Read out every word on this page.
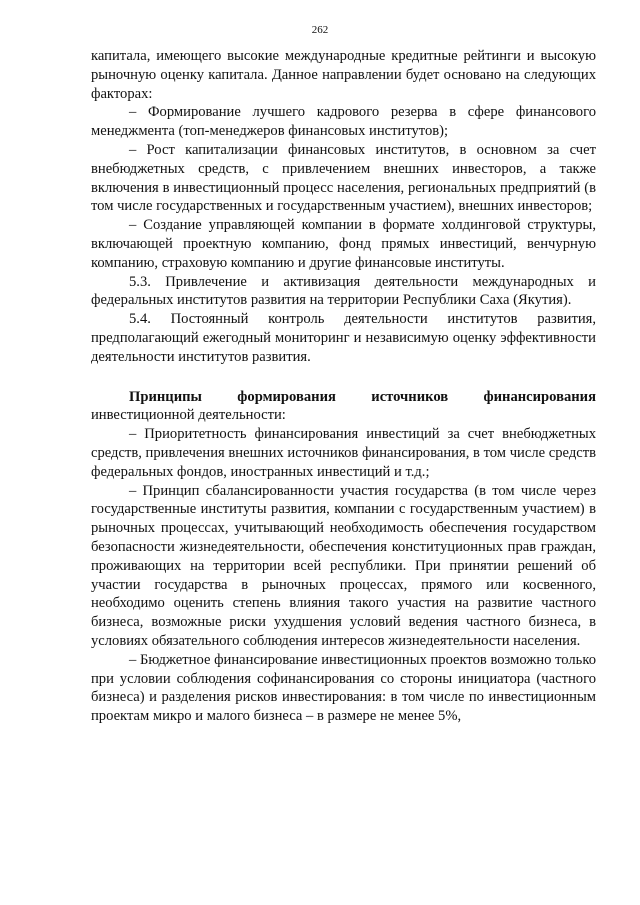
262

капитала, имеющего высокие международные кредитные рейтинги и высокую рыночную оценку капитала. Данное направлении будет основано на следующих факторах:

– Формирование лучшего кадрового резерва в сфере финансового менеджмента (топ-менеджеров финансовых институтов);

– Рост капитализации финансовых институтов, в основном за счет внебюджетных средств, с привлечением внешних инвесторов, а также включения в инвестиционный процесс населения, региональных предприятий (в том числе государственных и государственным участием), внешних инвесторов;

– Создание управляющей компании в формате холдинговой структуры, включающей проектную компанию, фонд прямых инвестиций, венчурную компанию, страховую компанию и другие финансовые институты.

5.3. Привлечение и активизация деятельности международных и федеральных институтов развития на территории Республики Саха (Якутия).

5.4. Постоянный контроль деятельности институтов развития, предполагающий ежегодный мониторинг и независимую оценку эффективности деятельности институтов развития.

Принципы формирования источников финансирования

инвестиционной деятельности:

– Приоритетность финансирования инвестиций за счет внебюджетных средств, привлечения внешних источников финансирования, в том числе средств федеральных фондов, иностранных инвестиций и т.д.;

– Принцип сбалансированности участия государства (в том числе через государственные институты развития, компании с государственным участием) в рыночных процессах, учитывающий необходимость обеспечения государством безопасности жизнедеятельности, обеспечения конституционных прав граждан, проживающих на территории всей республики. При принятии решений об участии государства в рыночных процессах, прямого или косвенного, необходимо оценить степень влияния такого участия на развитие частного бизнеса, возможные риски ухудшения условий ведения частного бизнеса, в условиях обязательного соблюдения интересов жизнедеятельности населения.

– Бюджетное финансирование инвестиционных проектов возможно только при условии соблюдения софинансирования со стороны инициатора (частного бизнеса) и разделения рисков инвестирования: в том числе по инвестиционным проектам микро и малого бизнеса – в размере не менее 5%,
